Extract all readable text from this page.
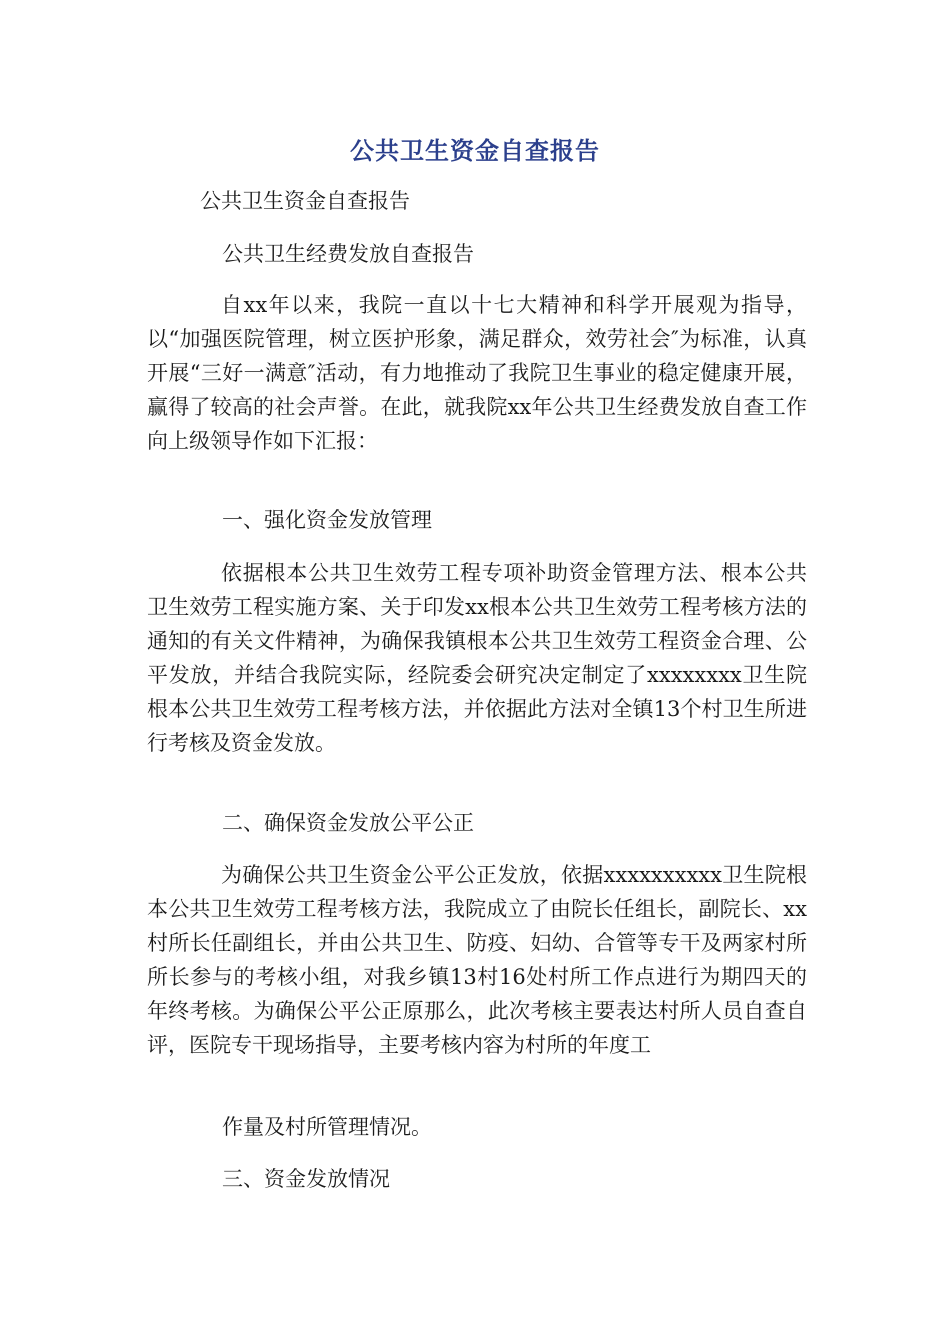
公共卫生资金自查报告
公共卫生资金自查报告
公共卫生经费发放自查报告
自xx年以来，我院一直以十七大精神和科学开展观为指导，以“加强医院管理，树立医护形象，满足群众，效劳社会″为标准，认真开展“三好一满意″活动，有力地推动了我院卫生事业的稳定健康开展，赢得了较高的社会声誉。在此，就我院xx年公共卫生经费发放自查工作向上级领导作如下汇报：
一、强化资金发放管理
依据根本公共卫生效劳工程专项补助资金管理方法、根本公共卫生效劳工程实施方案、关于印发xx根本公共卫生效劳工程考核方法的通知的有关文件精神，为确保我镇根本公共卫生效劳工程资金合理、公平发放，并结合我院实际，经院委会研究决定制定了xxxxxxxx卫生院根本公共卫生效劳工程考核方法，并依据此方法对全镇13个村卫生所进行考核及资金发放。
二、确保资金发放公平公正
为确保公共卫生资金公平公正发放，依据xxxxxxxxxx卫生院根本公共卫生效劳工程考核方法，我院成立了由院长任组长，副院长、xx村所长任副组长，并由公共卫生、防疫、妇幼、合管等专干及两家村所所长参与的考核小组，对我乡镇13村16处村所工作点进行为期四天的年终考核。为确保公平公正原那么，此次考核主要表达村所人员自查自评，医院专干现场指导，主要考核内容为村所的年度工
作量及村所管理情况。
三、资金发放情况
